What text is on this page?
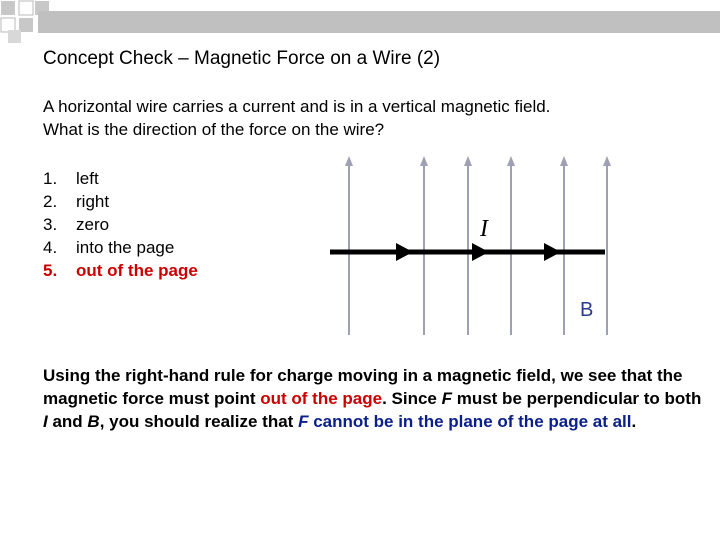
Concept Check – Magnetic Force on a Wire (2)
A horizontal wire carries a current and is in a vertical magnetic field.
What is the direction of the force on the wire?
1. left
2. right
3. zero
4. into the page
5. out of the page
I
B
Using the right-hand rule for charge moving in a magnetic field, we see that the magnetic force must point out of the page. Since F must be perpendicular to both I and B, you should realize that F cannot be in the plane of the page at all.
